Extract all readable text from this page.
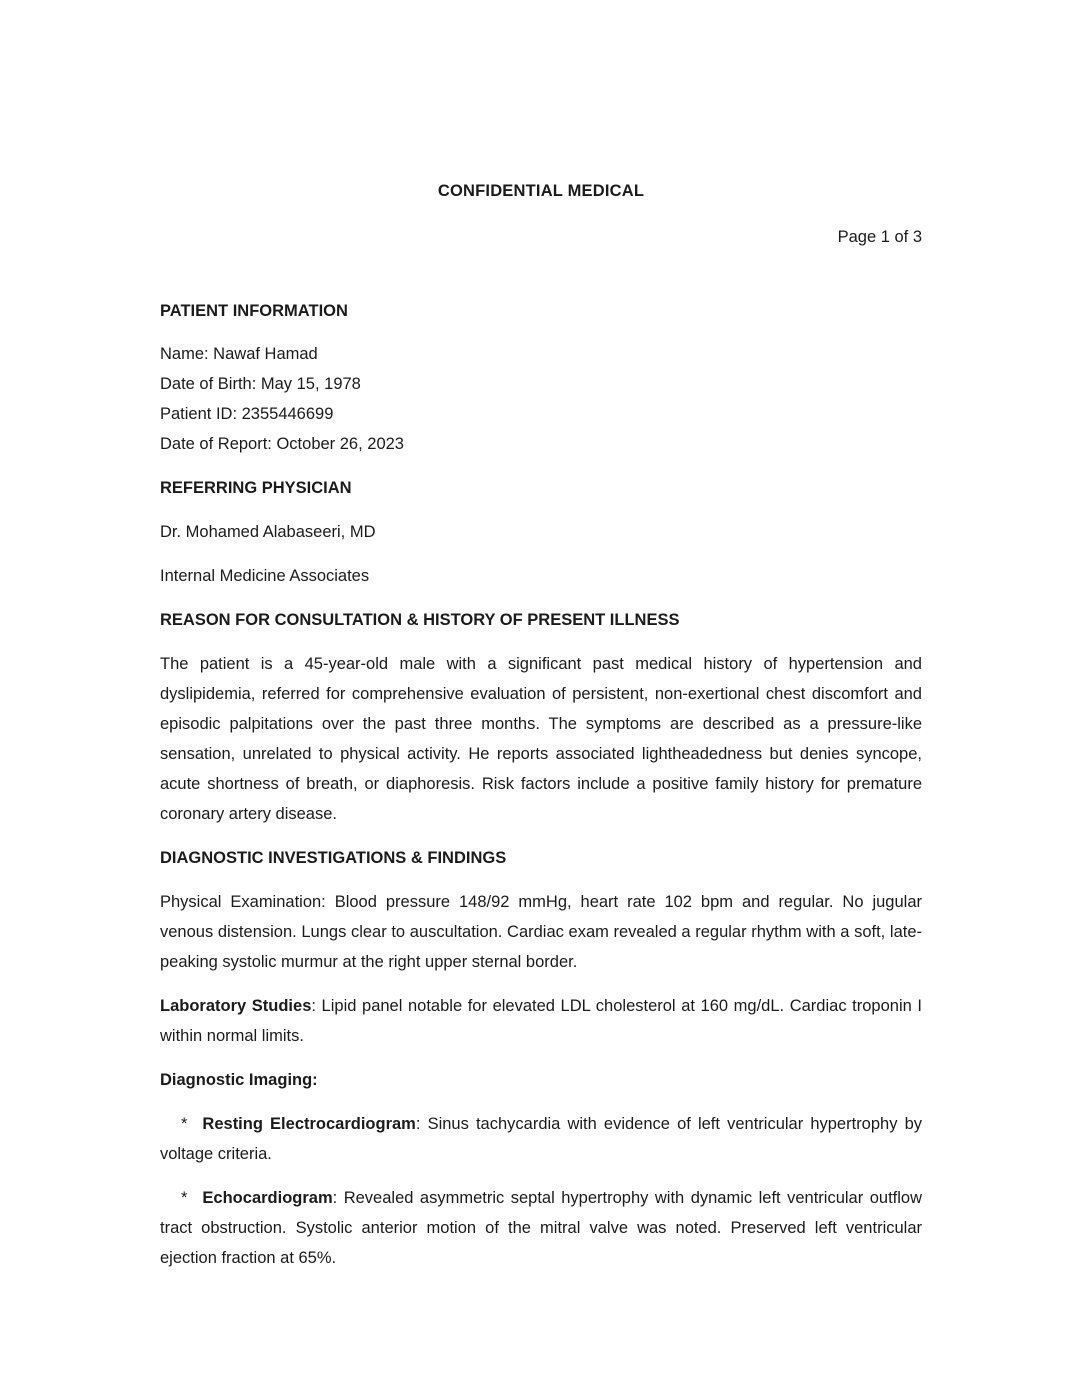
CONFIDENTIAL MEDICAL
Page 1 of 3
PATIENT INFORMATION
Name: Nawaf Hamad
Date of Birth: May 15, 1978
Patient ID: 2355446699
Date of Report: October 26, 2023
REFERRING PHYSICIAN

Dr. Mohamed Alabaseeri, MD

Internal Medicine Associates

REASON FOR CONSULTATION & HISTORY OF PRESENT ILLNESS

The patient is a 45-year-old male with a significant past medical history of hypertension and dyslipidemia, referred for comprehensive evaluation of persistent, non-exertional chest discomfort and episodic palpitations over the past three months. The symptoms are described as a pressure-like sensation, unrelated to physical activity. He reports associated lightheadedness but denies syncope, acute shortness of breath, or diaphoresis. Risk factors include a positive family history for premature coronary artery disease.

DIAGNOSTIC INVESTIGATIONS & FINDINGS

Physical Examination: Blood pressure 148/92 mmHg, heart rate 102 bpm and regular. No jugular venous distension. Lungs clear to auscultation. Cardiac exam revealed a regular rhythm with a soft, late-peaking systolic murmur at the right upper sternal border.

Laboratory Studies: Lipid panel notable for elevated LDL cholesterol at 160 mg/dL. Cardiac troponin I within normal limits.

Diagnostic Imaging:

* Resting Electrocardiogram: Sinus tachycardia with evidence of left ventricular hypertrophy by voltage criteria.

* Echocardiogram: Revealed asymmetric septal hypertrophy with dynamic left ventricular outflow tract obstruction. Systolic anterior motion of the mitral valve was noted. Preserved left ventricular ejection fraction at 65%.
